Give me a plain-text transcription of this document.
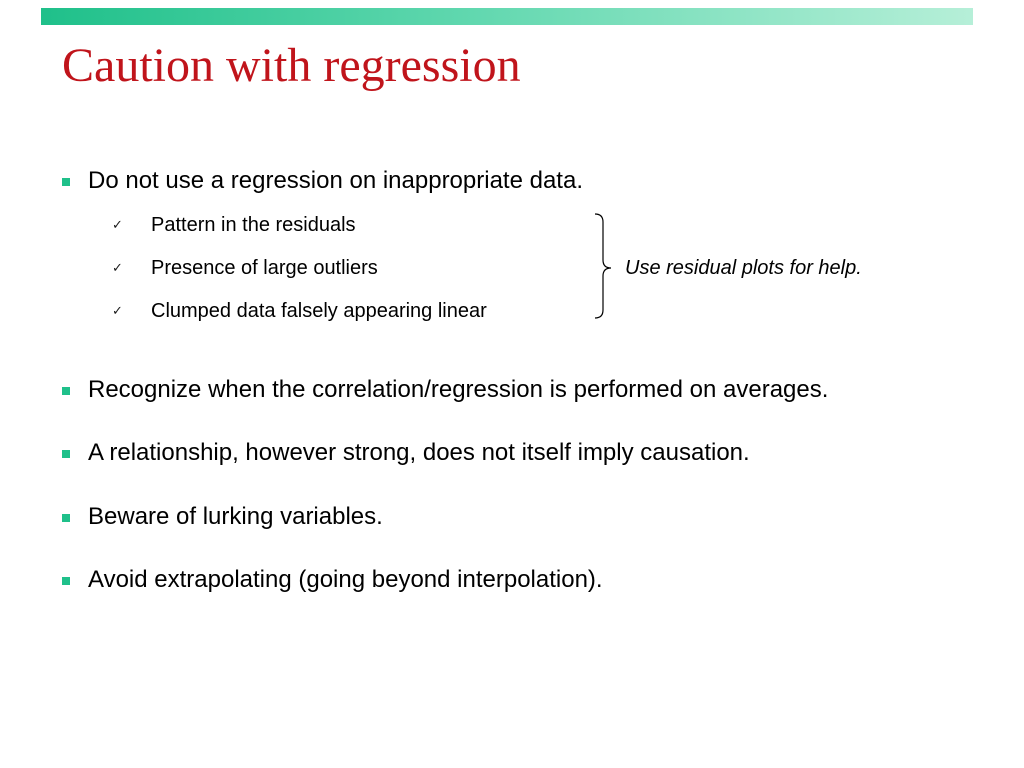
Caution with regression
Do not use a regression on inappropriate data.
✓	Pattern in the residuals
✓	Presence of large outliers
✓	Clumped data falsely appearing linear
Use residual plots for help.
Recognize when the correlation/regression is performed on averages.
A relationship, however strong, does not itself imply causation.
Beware of lurking variables.
Avoid extrapolating (going beyond interpolation).
